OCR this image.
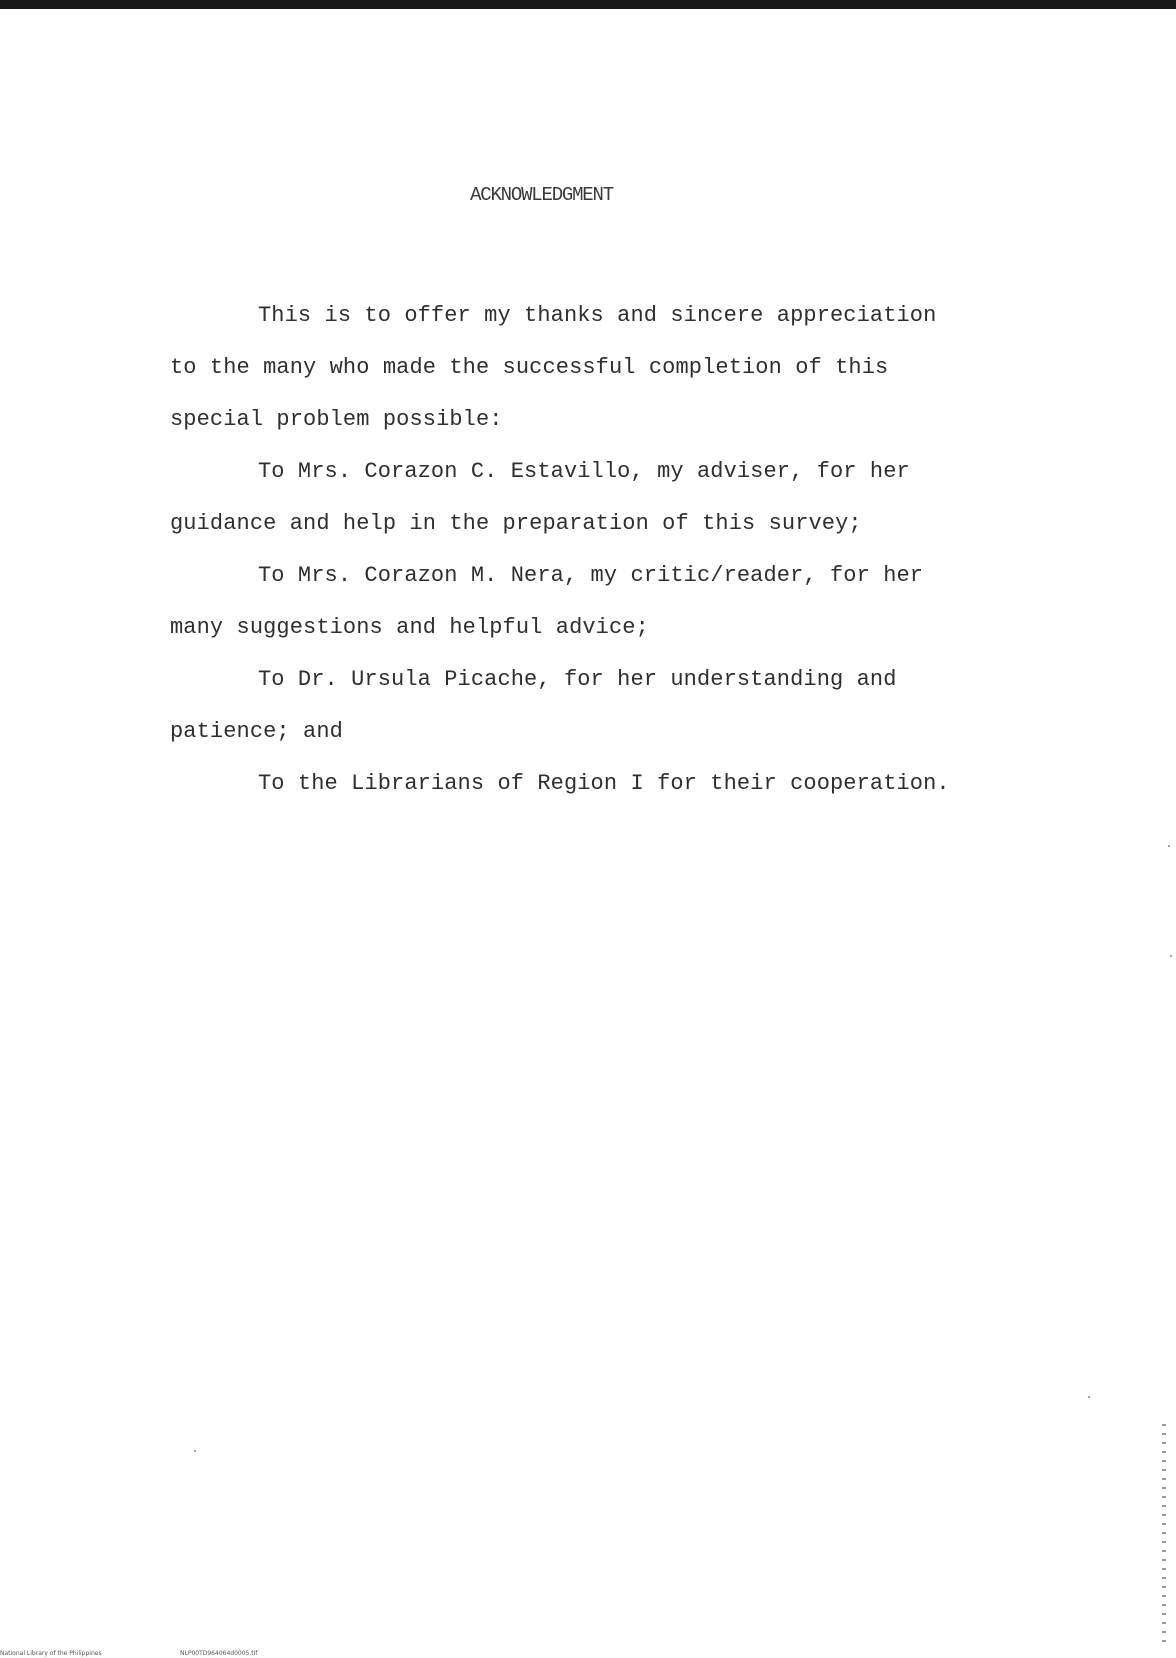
ACKNOWLEDGMENT
This is to offer my thanks and sincere appreciation
to the many who made the successful completion of this
special problem possible:
To Mrs. Corazon C. Estavillo, my adviser, for her
guidance and help in the preparation of this survey;
To Mrs. Corazon M. Nera, my critic/reader, for her
many suggestions and helpful advice;
To Dr. Ursula Picache, for her understanding and
patience; and
To the Librarians of Region I for their cooperation.
National Library of the Philippines	NLP00TD964064d0005.tif
